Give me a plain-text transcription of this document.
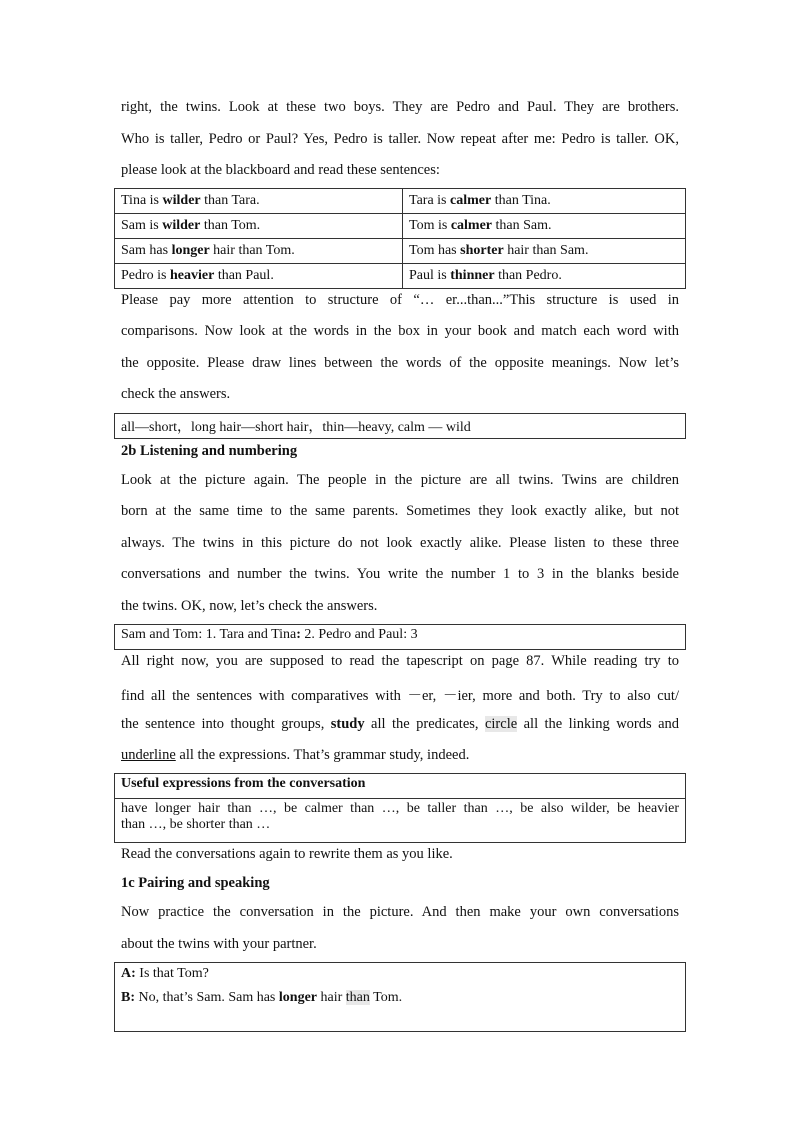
right, the twins. Look at these two boys. They are Pedro and Paul. They are brothers.
Who is taller, Pedro or Paul? Yes, Pedro is taller. Now repeat after me: Pedro is taller. OK,
please look at the blackboard and read these sentences:
Tina is wilder than Tara.	Tara is calmer than Tina.
Sam is wilder than Tom.	Tom is calmer than Sam.
Sam has longer hair than Tom.	Tom has shorter hair than Sam.
Pedro is heavier than Paul.	Paul is thinner than Pedro.
Please pay more attention to structure of “… er...than...”This structure is used in
comparisons. Now look at the words in the box in your book and match each word with
the opposite. Please draw lines between the words of the opposite meanings. Now let’s
check the answers.
all—short，long hair—short hair，thin—heavy, calm — wild
2b Listening and numbering
Look at the picture again. The people in the picture are all twins. Twins are children
born at the same time to the same parents. Sometimes they look exactly alike, but not
always. The twins in this picture do not look exactly alike. Please listen to these three
conversations and number the twins. You write the number 1 to 3 in the blanks beside
the twins. OK, now, let’s check the answers.
Sam and Tom: 1. Tara and Tina: 2. Pedro and Paul: 3
All right now, you are supposed to read the tapescript on page 87. While reading try to
find all the sentences with comparatives with －er, －ier, more and both. Try to also cut/
the sentence into thought groups, study all the predicates, circle all the linking words and
underline all the expressions. That’s grammar study, indeed.
Useful expressions from the conversation
have longer hair than …, be calmer than …, be taller than …, be also wilder, be heavier
than …, be shorter than …
Read the conversations again to rewrite them as you like.
1c Pairing and speaking
Now practice the conversation in the picture. And then make your own conversations
about the twins with your partner.
A: Is that Tom?
B: No, that’s Sam. Sam has longer hair than Tom.
